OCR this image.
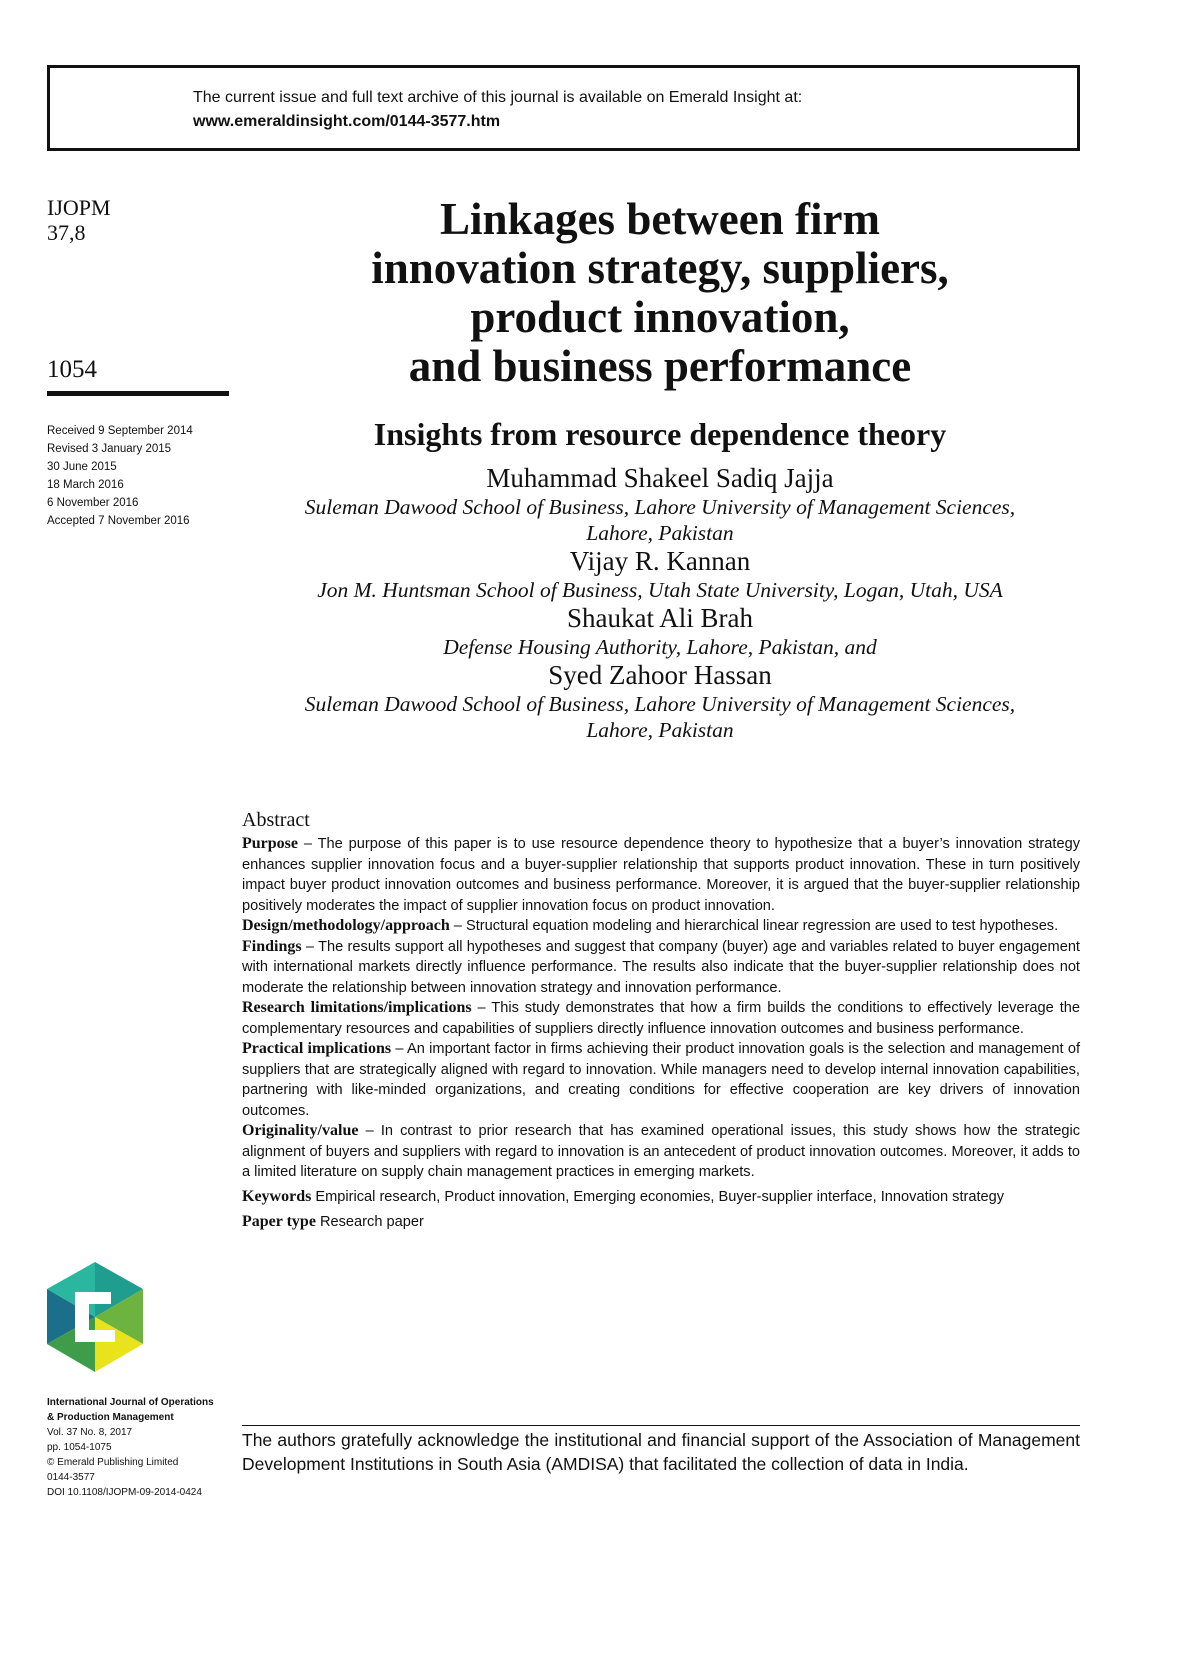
The current issue and full text archive of this journal is available on Emerald Insight at:
www.emeraldinsight.com/0144-3577.htm
IJOPM
37,8
1054
Received 9 September 2014
Revised 3 January 2015
30 June 2015
18 March 2016
6 November 2016
Accepted 7 November 2016
Linkages between firm
innovation strategy, suppliers,
product innovation,
and business performance
Insights from resource dependence theory
Muhammad Shakeel Sadiq Jajja
Suleman Dawood School of Business, Lahore University of Management Sciences,
Lahore, Pakistan
Vijay R. Kannan
Jon M. Huntsman School of Business, Utah State University, Logan, Utah, USA
Shaukat Ali Brah
Defense Housing Authority, Lahore, Pakistan, and
Syed Zahoor Hassan
Suleman Dawood School of Business, Lahore University of Management Sciences,
Lahore, Pakistan
Abstract

Purpose – The purpose of this paper is to use resource dependence theory to hypothesize that a buyer’s innovation strategy enhances supplier innovation focus and a buyer-supplier relationship that supports product innovation. These in turn positively impact buyer product innovation outcomes and business performance. Moreover, it is argued that the buyer-supplier relationship positively moderates the impact of supplier innovation focus on product innovation.

Design/methodology/approach – Structural equation modeling and hierarchical linear regression are used to test hypotheses.

Findings – The results support all hypotheses and suggest that company (buyer) age and variables related to buyer engagement with international markets directly influence performance. The results also indicate that the buyer-supplier relationship does not moderate the relationship between innovation strategy and innovation performance.

Research limitations/implications – This study demonstrates that how a firm builds the conditions to effectively leverage the complementary resources and capabilities of suppliers directly influence innovation outcomes and business performance.

Practical implications – An important factor in firms achieving their product innovation goals is the selection and management of suppliers that are strategically aligned with regard to innovation. While managers need to develop internal innovation capabilities, partnering with like-minded organizations, and creating conditions for effective cooperation are key drivers of innovation outcomes.

Originality/value – In contrast to prior research that has examined operational issues, this study shows how the strategic alignment of buyers and suppliers with regard to innovation is an antecedent of product innovation outcomes. Moreover, it adds to a limited literature on supply chain management practices in emerging markets.

Keywords Empirical research, Product innovation, Emerging economies, Buyer-supplier interface, Innovation strategy

Paper type Research paper

International Journal of Operations
& Production Management
Vol. 37 No. 8, 2017
pp. 1054-1075
© Emerald Publishing Limited
0144-3577
DOI 10.1108/IJOPM-09-2014-0424

The authors gratefully acknowledge the institutional and financial support of the Association of Management Development Institutions in South Asia (AMDISA) that facilitated the collection of data in India.
